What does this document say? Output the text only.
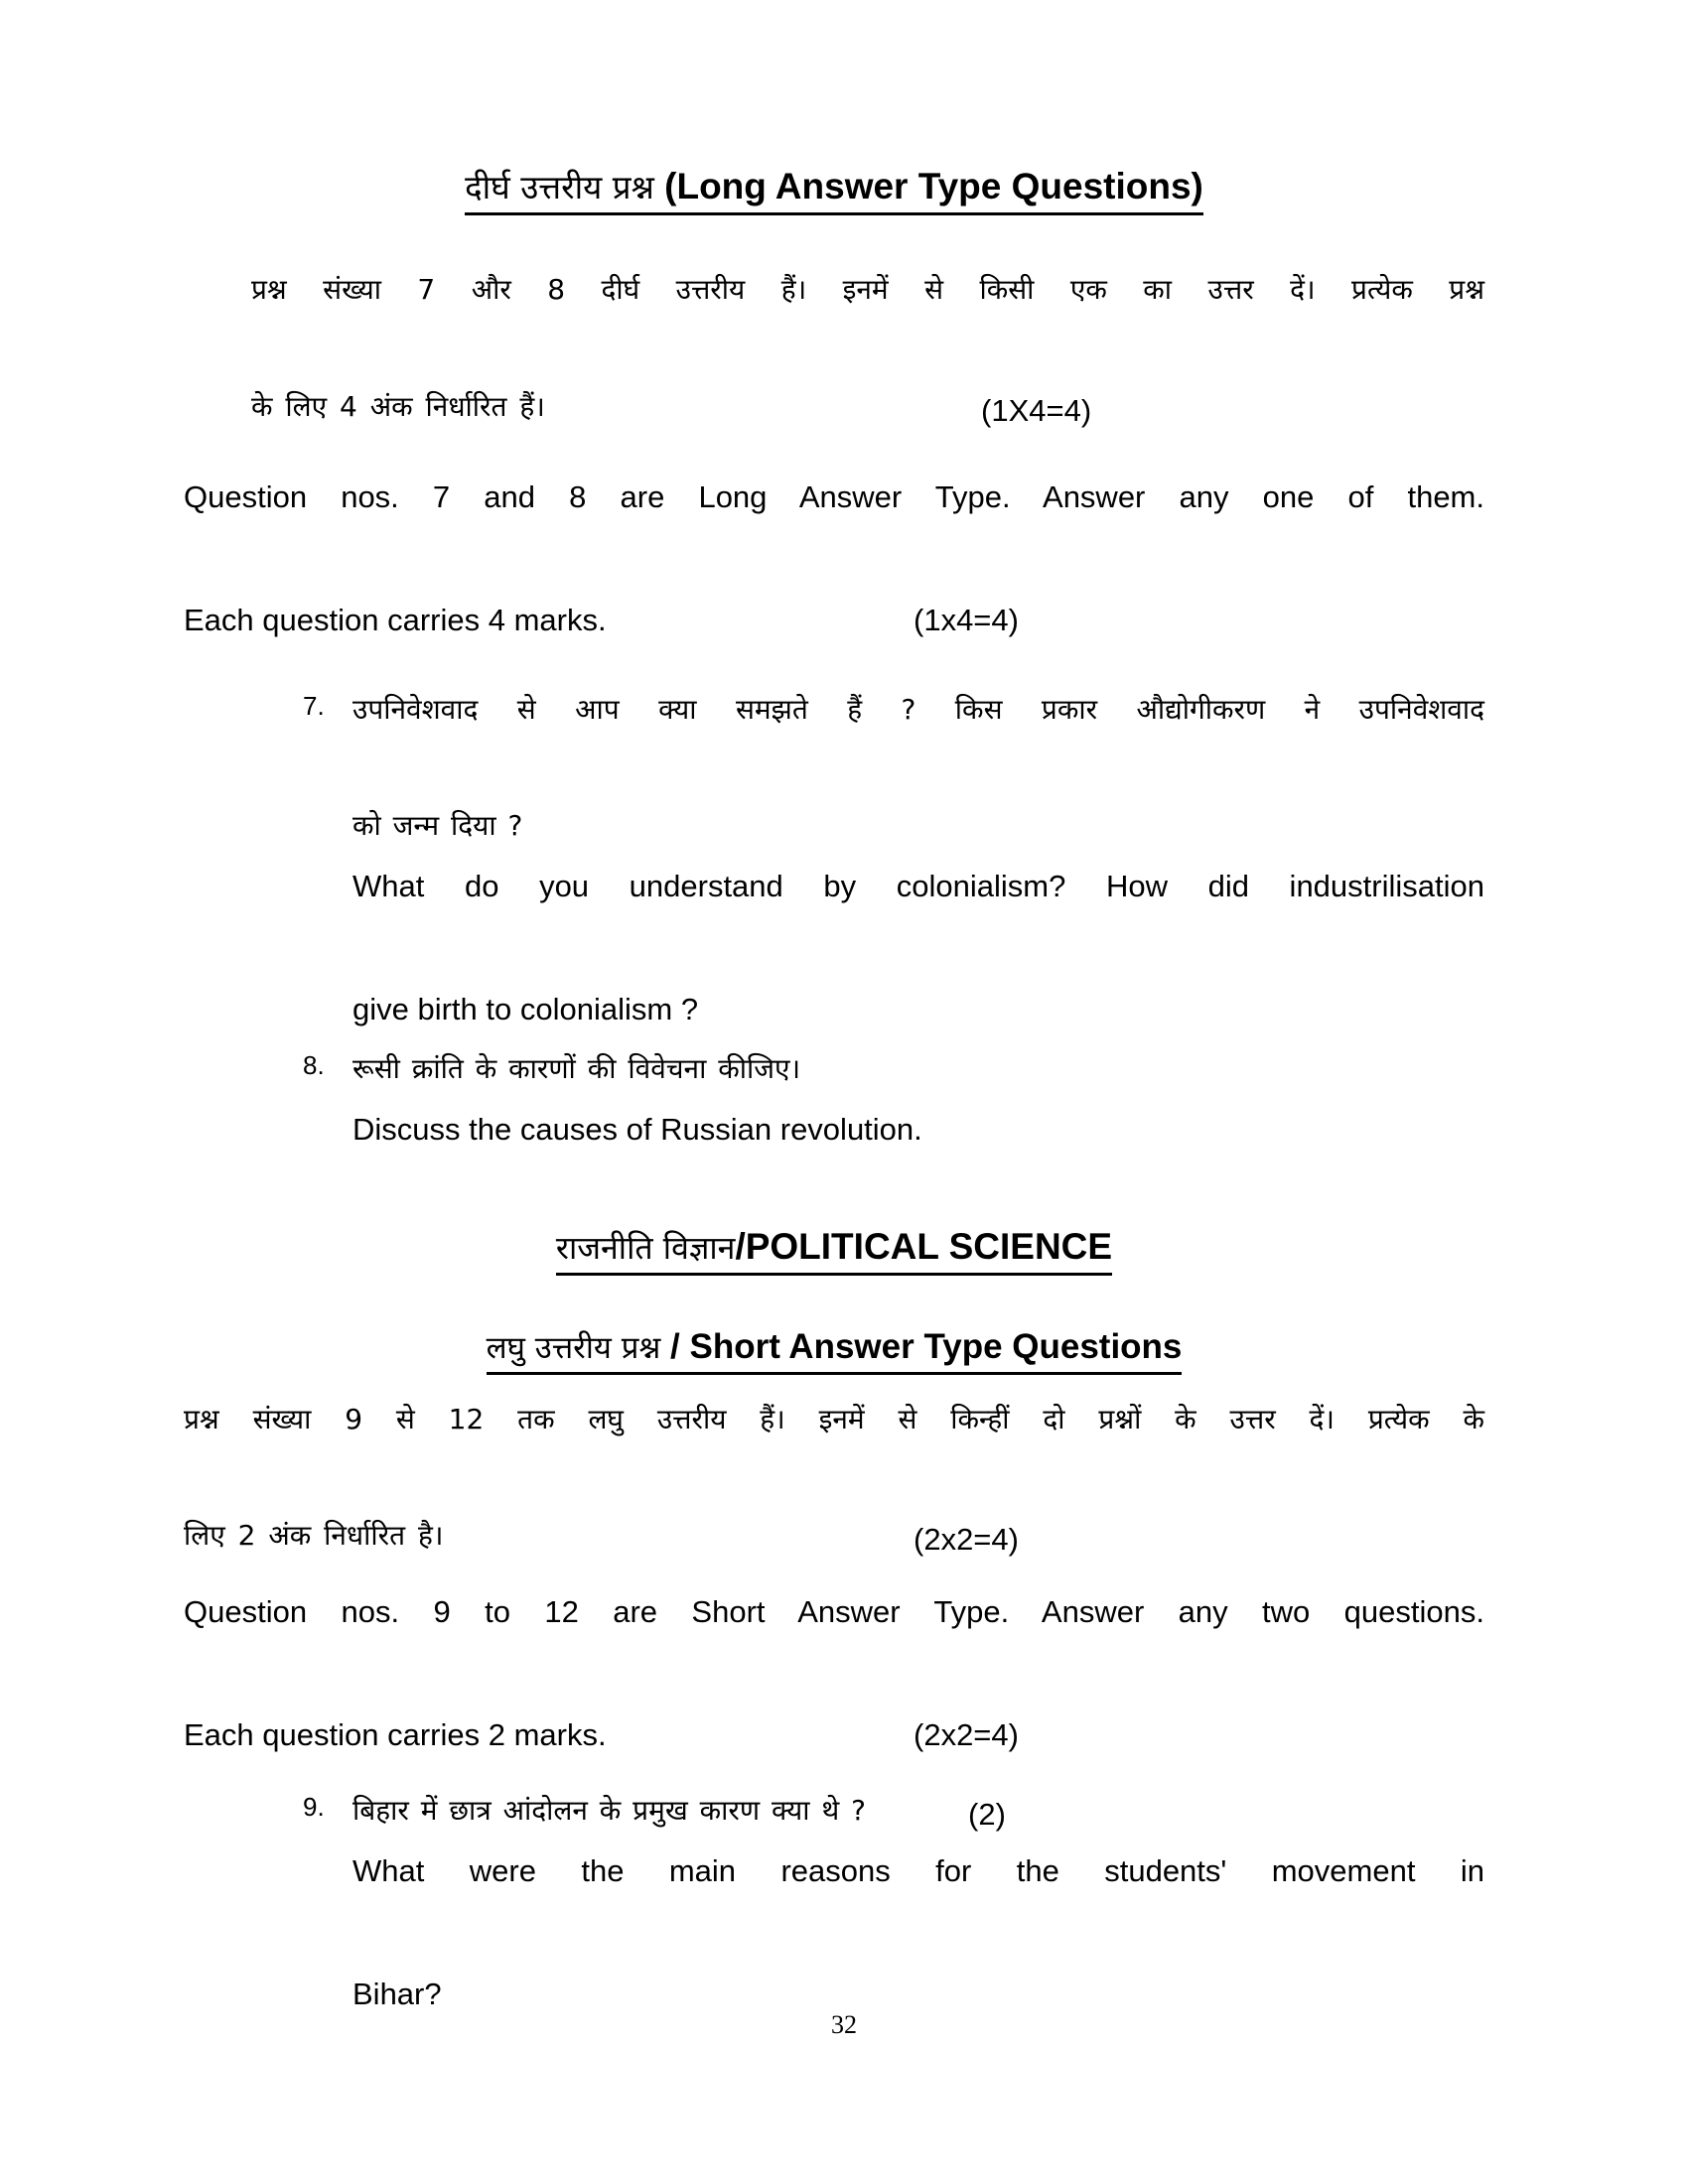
दीर्घ उत्तरीय प्रश्न (Long Answer Type Questions)
प्रश्न संख्या 7 और 8 दीर्घ उत्तरीय हैं। इनमें से किसी एक का उत्तर दें। प्रत्येक प्रश्न
के लिए 4 अंक निर्धारित हैं।	(1X4=4)
Question nos. 7 and 8 are Long Answer Type. Answer any one of them.
Each question carries 4 marks.	(1x4=4)
7.	उपनिवेशवाद से आप क्या समझते हैं ? किस प्रकार औद्योगीकरण ने उपनिवेशवाद
को जन्म दिया ?
What do you understand by colonialism? How did industrilisation
give birth to colonialism ?
8.	रूसी क्रांति के कारणों की विवेचना कीजिए।
Discuss the causes of Russian revolution.
राजनीति विज्ञान/POLITICAL SCIENCE
लघु उत्तरीय प्रश्न / Short Answer Type Questions
प्रश्न संख्या 9 से 12 तक लघु उत्तरीय हैं। इनमें से किन्हीं दो प्रश्नों के उत्तर दें। प्रत्येक के
लिए 2 अंक निर्धारित है।	(2x2=4)
Question nos. 9 to 12 are Short Answer Type. Answer any two questions.
Each question carries 2 marks.	(2x2=4)
9.	बिहार में छात्र आंदोलन के प्रमुख कारण क्या थे ?	(2)
What were the main reasons for the students' movement in
Bihar?
32
